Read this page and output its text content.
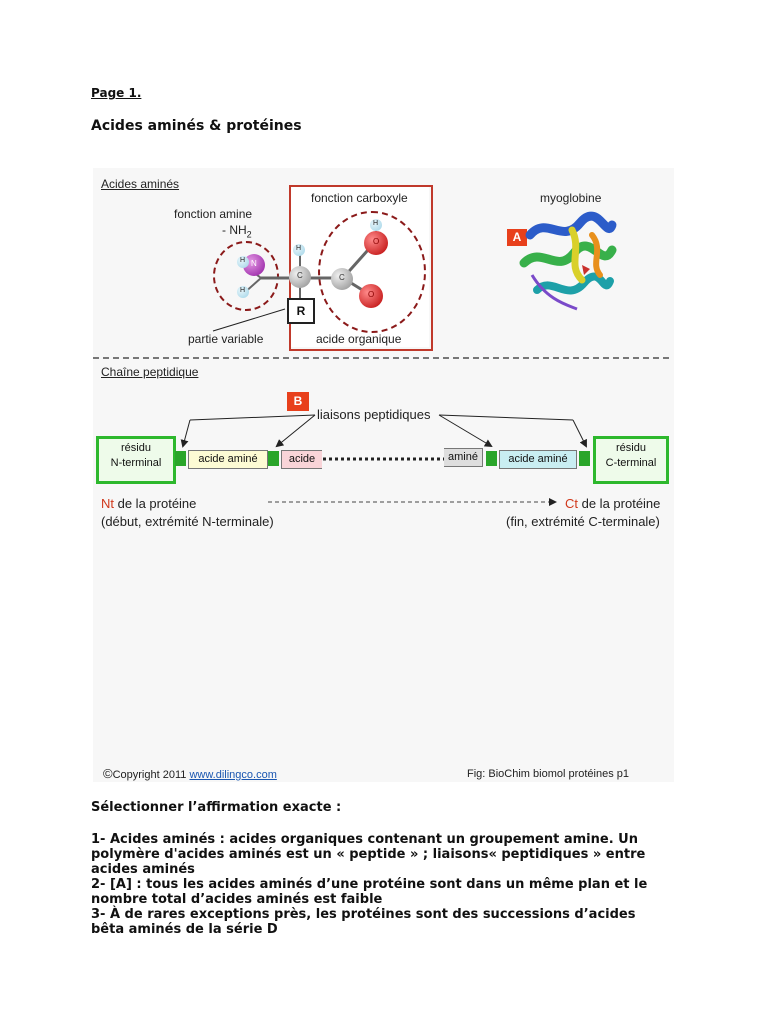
Page 1.
Acides aminés & protéines
Acides aminés
fonction carboxyle
fonction amine
- $NH_2$
N
C	C
O
O
H
H
H
H
R
partie variable	acide organique
myoglobine
A
Chaîne peptidique
B
liaisons peptidiques
résidu
N-terminal	acide aminé	acide	aminé	acide aminé
résidu
C-terminal
Nt de la protéine
(début, extrémité N-terminale)
Ct de la protéine
(fin, extrémité C-terminale)
©Copyright 2011 www.dilingco.com	Fig: BioChim biomol protéines p1
Sélectionner l’affirmation exacte :
1- Acides aminés : acides organiques contenant un groupement amine. Un polymère d'acides aminés est un « peptide » ; liaisons« peptidiques » entre acides aminés
2- [A] : tous les acides aminés d’une protéine sont dans un même plan et le nombre total d’acides aminés est faible
3- À de rares exceptions près, les protéines sont des successions d’acides bêta aminés de la série D
